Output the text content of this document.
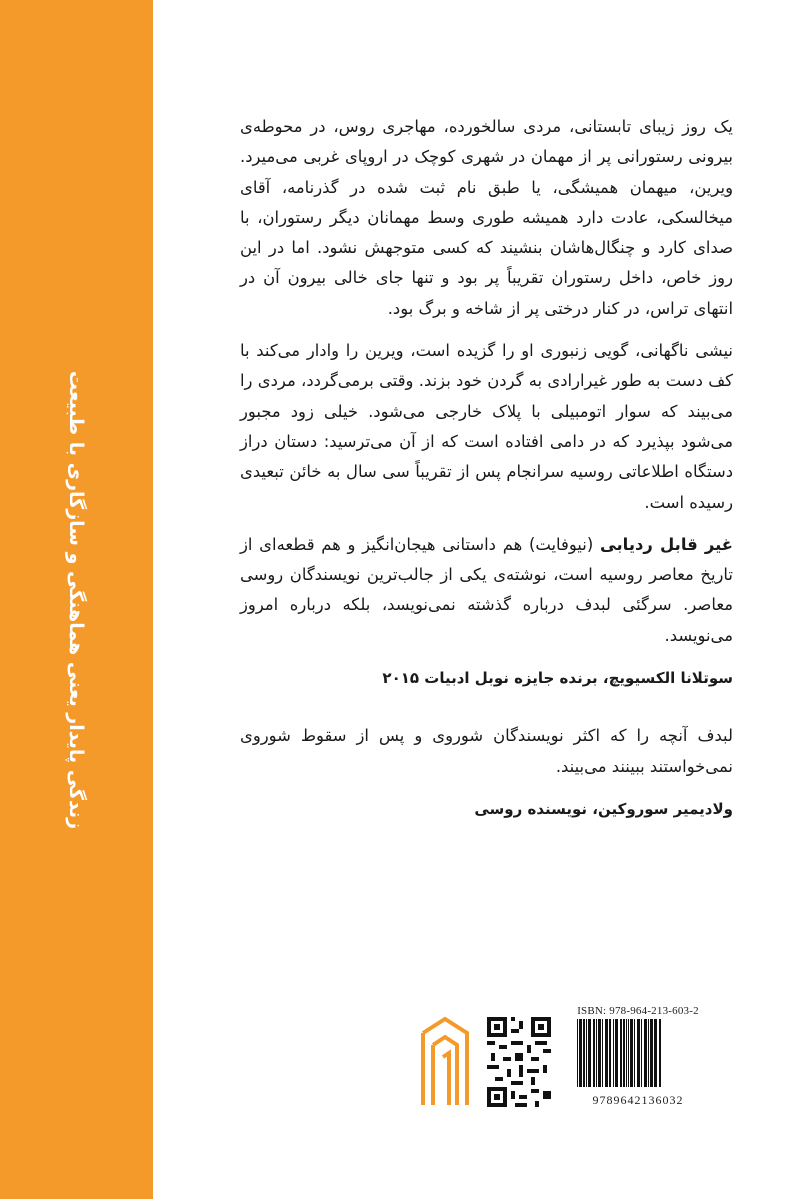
زندگی پایدار یعنی هماهنگی و سازگاری با طبیعت

یک روز زیبای تابستانی، مردی سالخورده، مهاجری روس، در محوطه‌ی بیرونی رستورانی پر از مهمان در شهری کوچک در اروپای غربی می‌میرد. ویرین، میهمان همیشگی، یا طبق نام ثبت شده در گذرنامه، آقای میخالسکی، عادت دارد همیشه طوری وسط مهمانان دیگر رستوران، با صدای کارد و چنگال‌هاشان بنشیند که کسی متوجهش نشود. اما در این روز خاص، داخل رستوران تقریباً پر بود و تنها جای خالی بیرون آن در انتهای تراس، در کنار درختی پر از شاخه و برگ بود.

نیشی ناگهانی، گویی زنبوری او را گزیده است، ویرین را وادار می‌کند با کف دست به طور غیرارادی به گردن خود بزند. وقتی برمی‌گردد، مردی را می‌بیند که سوار اتومبیلی با پلاک خارجی می‌شود. خیلی زود مجبور می‌شود بپذیرد که در دامی افتاده است که از آن می‌ترسید: دستان دراز دستگاه اطلاعاتی روسیه سرانجام پس از تقریباً سی سال به خائن تبعیدی رسیده است.

غیر قابل ردیابی (نیوفایت) هم داستانی هیجان‌انگیز و هم قطعه‌ای از تاریخ معاصر روسیه است، نوشته‌ی یکی از جالب‌ترین نویسندگان روسی معاصر. سرگئی لبدف درباره گذشته نمی‌نویسد، بلکه درباره امروز می‌نویسد.

سوتلانا الکسیویچ، برنده جایزه نوبل ادبیات ۲۰۱۵

لبدف آنچه را که اکثر نویسندگان شوروی و پس از سقوط شوروی نمی‌خواستند ببینند می‌بیند.

ولادیمیر سوروکین، نویسنده روسی
ISBN: 978-964-213-603-2
9789642136032
